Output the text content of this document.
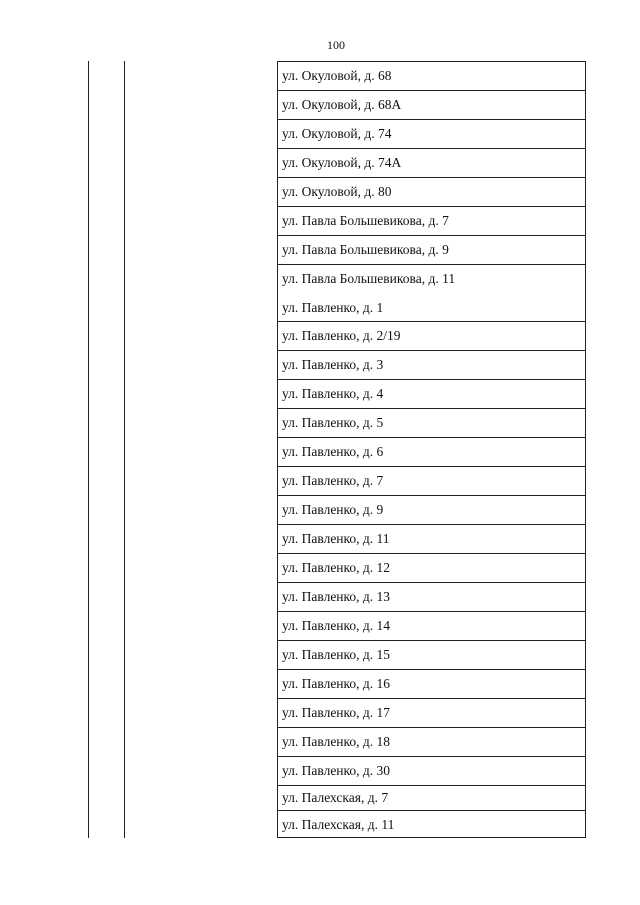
100
ул. Окуловой, д. 68
ул. Окуловой, д. 68А
ул. Окуловой, д. 74
ул. Окуловой, д. 74А
ул. Окуловой, д. 80
ул. Павла Большевикова, д. 7
ул. Павла Большевикова, д. 9
ул. Павла Большевикова, д. 11
ул. Павленко, д. 1
ул. Павленко, д. 2/19
ул. Павленко, д. 3
ул. Павленко, д. 4
ул. Павленко, д. 5
ул. Павленко, д. 6
ул. Павленко, д. 7
ул. Павленко, д. 9
ул. Павленко, д. 11
ул. Павленко, д. 12
ул. Павленко, д. 13
ул. Павленко, д. 14
ул. Павленко, д. 15
ул. Павленко, д. 16
ул. Павленко, д. 17
ул. Павленко, д. 18
ул. Павленко, д. 30
ул. Палехская, д. 7
ул. Палехская, д. 11
